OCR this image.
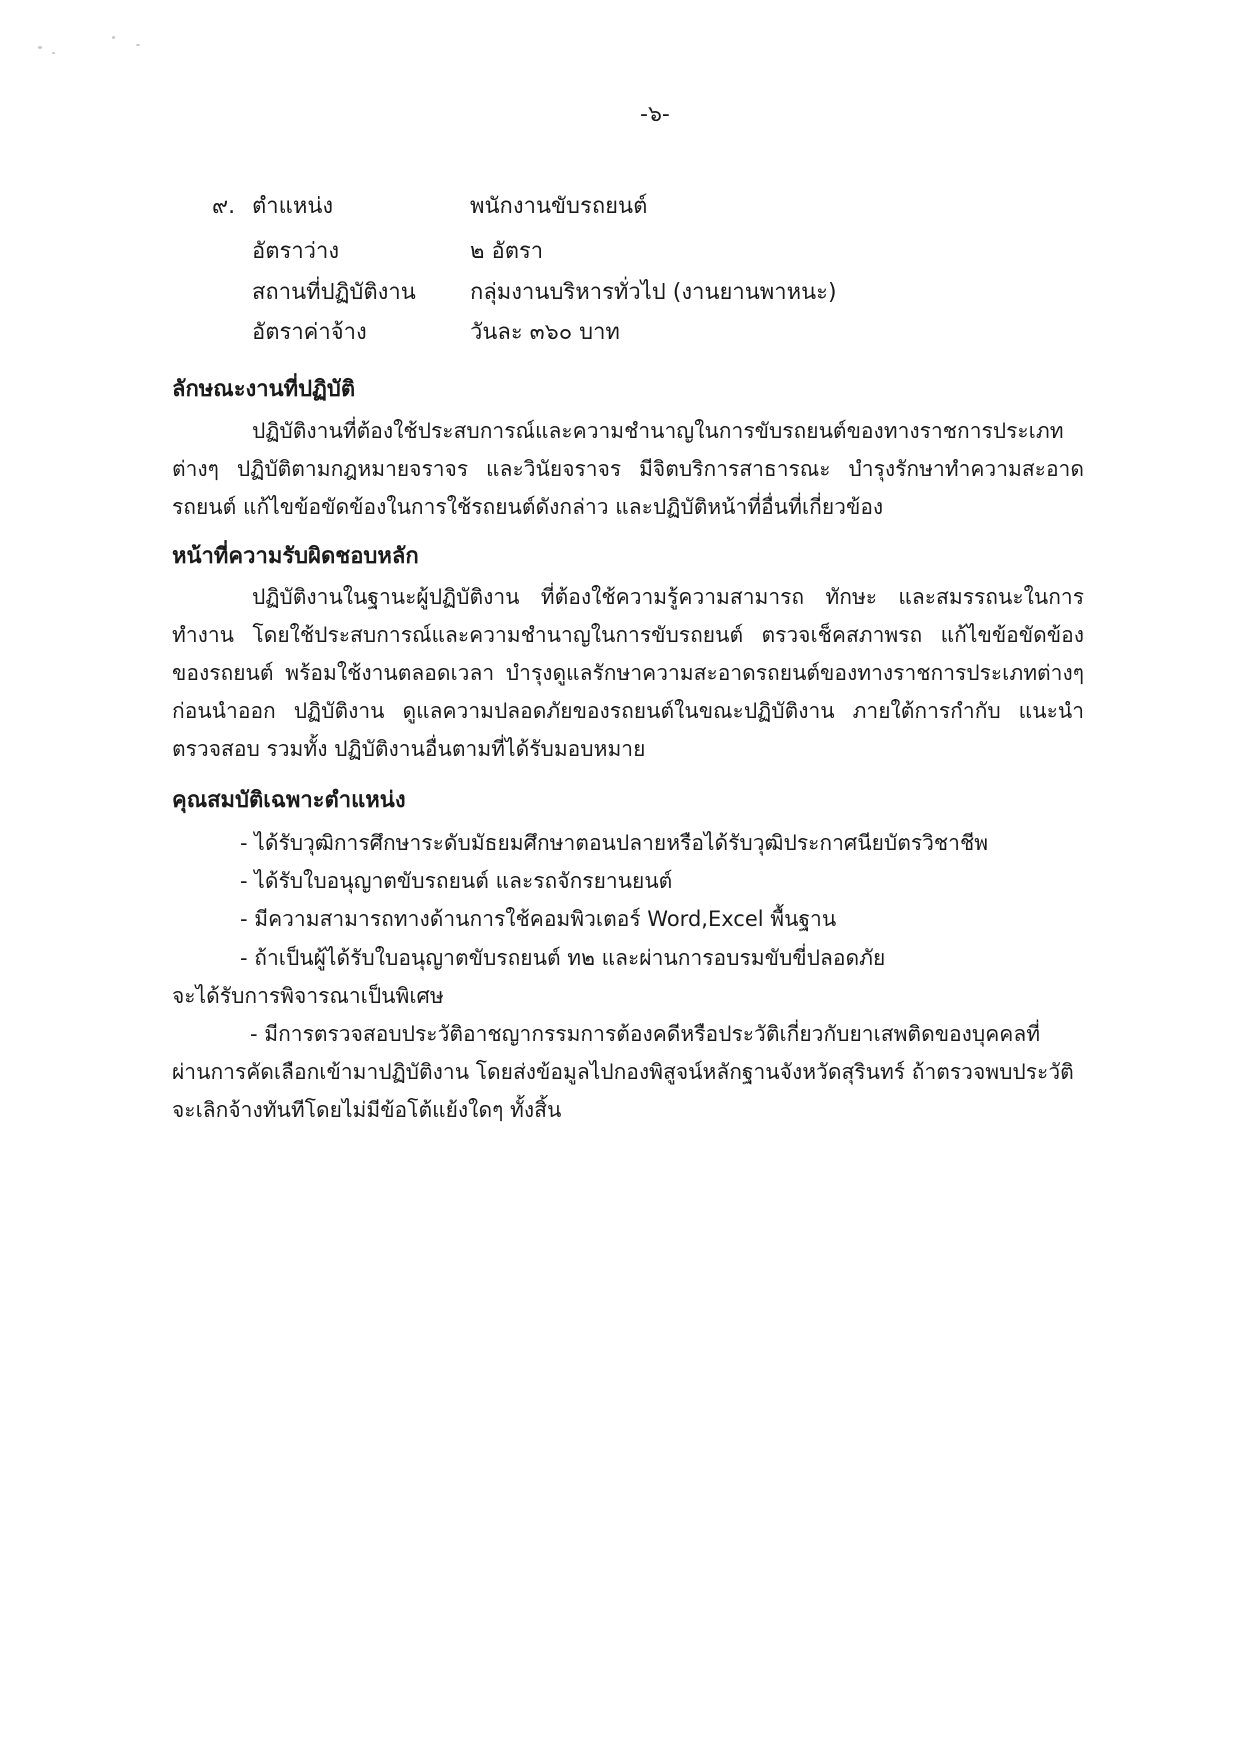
-๖-
๙. ตำแหน่ง	พนักงานขับรถยนต์
อัตราว่าง	๒ อัตรา
สถานที่ปฏิบัติงาน กลุ่มงานบริหารทั่วไป (งานยานพาหนะ)
อัตราค่าจ้าง	วันละ ๓๖๐ บาท
ลักษณะงานที่ปฏิบัติ
ปฏิบัติงานที่ต้องใช้ประสบการณ์และความชำนาญในการขับรถยนต์ของทางราชการประเภทต่างๆ ปฏิบัติตามกฎหมายจราจร และวินัยจราจร มีจิตบริการสาธารณะ บำรุงรักษาทำความสะอาดรถยนต์ แก้ไขข้อขัดข้องในการใช้รถยนต์ดังกล่าว และปฏิบัติหน้าที่อื่นที่เกี่ยวข้อง
หน้าที่ความรับผิดชอบหลัก
ปฏิบัติงานในฐานะผู้ปฏิบัติงาน ที่ต้องใช้ความรู้ความสามารถ ทักษะ และสมรรถนะในการทำงาน โดยใช้ประสบการณ์และความชำนาญในการขับรถยนต์ ตรวจเช็คสภาพรถ แก้ไขข้อขัดข้องของรถยนต์ พร้อมใช้งานตลอดเวลา บำรุงดูแลรักษาความสะอาดรถยนต์ของทางราชการประเภทต่างๆ ก่อนนำออก ปฏิบัติงาน ดูแลความปลอดภัยของรถยนต์ในขณะปฏิบัติงาน ภายใต้การกำกับ แนะนำ ตรวจสอบ รวมทั้ง ปฏิบัติงานอื่นตามที่ได้รับมอบหมาย
คุณสมบัติเฉพาะตำแหน่ง
- ได้รับวุฒิการศึกษาระดับมัธยมศึกษาตอนปลายหรือได้รับวุฒิประกาศนียบัตรวิชาชีพ
- ได้รับใบอนุญาตขับรถยนต์ และรถจักรยานยนต์
- มีความสามารถทางด้านการใช้คอมพิวเตอร์ Word,Excel พื้นฐาน
- ถ้าเป็นผู้ได้รับใบอนุญาตขับรถยนต์ ท๒ และผ่านการอบรมขับขี่ปลอดภัย
จะได้รับการพิจารณาเป็นพิเศษ
- มีการตรวจสอบประวัติอาชญากรรมการต้องคดีหรือประวัติเกี่ยวกับยาเสพติดของบุคคลที่
ผ่านการคัดเลือกเข้ามาปฏิบัติงาน โดยส่งข้อมูลไปกองพิสูจน์หลักฐานจังหวัดสุรินทร์ ถ้าตรวจพบประวัติ
จะเลิกจ้างทันทีโดยไม่มีข้อโต้แย้งใดๆ ทั้งสิ้น
